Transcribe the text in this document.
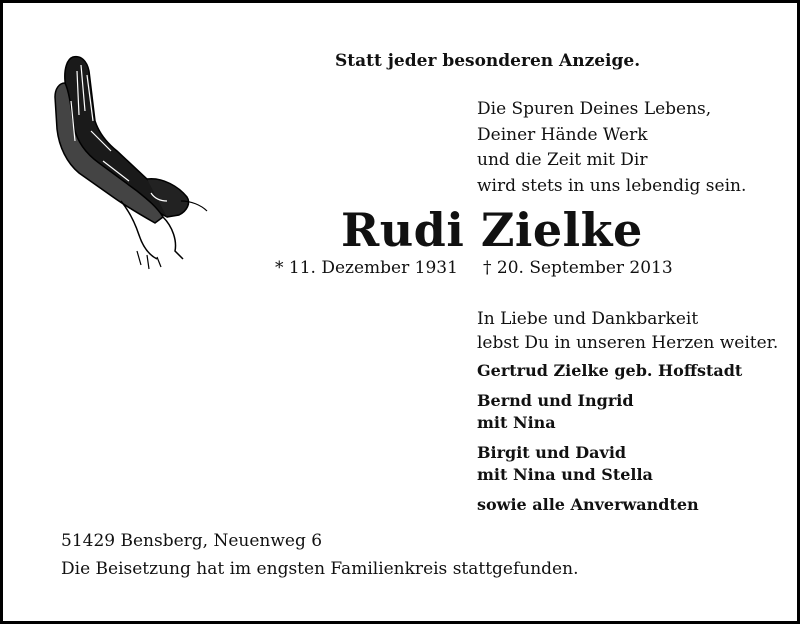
Statt jeder besonderen Anzeige.
Die Spuren Deines Lebens,
Deiner Hände Werk
und die Zeit mit Dir
wird stets in uns lebendig sein.
Rudi Zielke
* 11. Dezember 1931 † 20. September 2013
In Liebe und Dankbarkeit
lebst Du in unseren Herzen weiter.
Gertrud Zielke geb. Hoffstadt
Bernd und Ingrid
mit Nina
Birgit und David
mit Nina und Stella
sowie alle Anverwandten
51429 Bensberg, Neuenweg 6
Die Beisetzung hat im engsten Familienkreis stattgefunden.
